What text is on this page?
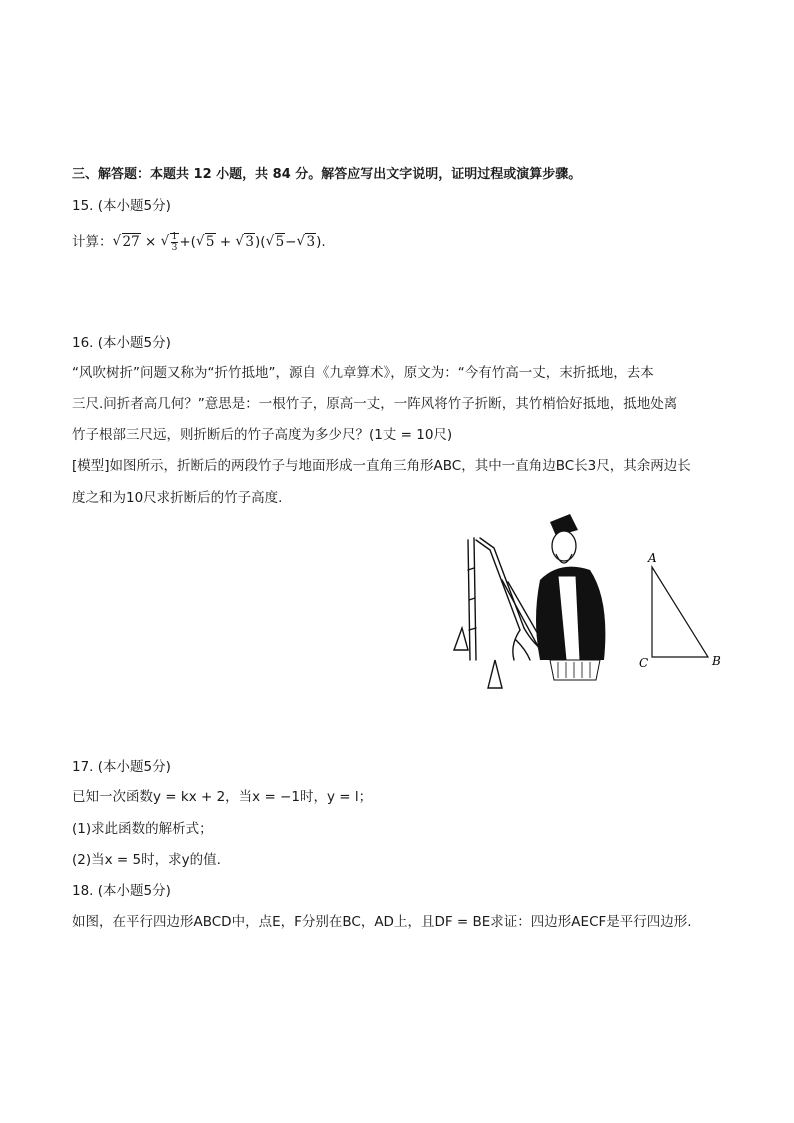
三、解答题：本题共 12 小题，共 84 分。解答应写出文字说明，证明过程或演算步骤。
15. (本小题5分)
计算： √ 27 × √ $\frac{1}{3}$ +( √ 5 + √ 3)( √ 5− √ 3).
16. (本小题5分)
“风吹树折”问题又称为“折竹抵地”，源自《九章算术》，原文为：“今有竹高一丈，末折抵地，去本
三尺.问折者高几何？”意思是：一根竹子，原高一丈，一阵风将竹子折断，其竹梢恰好抵地，抵地处离
竹子根部三尺远，则折断后的竹子高度为多少尺？(1丈 = 10尺)
[模型]如图所示，折断后的两段竹子与地面形成一直角三角形ABC，其中一直角边BC长3尺，其余两边长
度之和为10尺求折断后的竹子高度.
A
B
C
17. (本小题5分)
已知一次函数y = kx + 2，当x = −1时，y = l；
(1)求此函数的解析式；
(2)当x = 5时，求y的值.
18. (本小题5分)
如图，在平行四边形ABCD中，点E，F分别在BC，AD上，且DF = BE求证：四边形AECF是平行四边形.
